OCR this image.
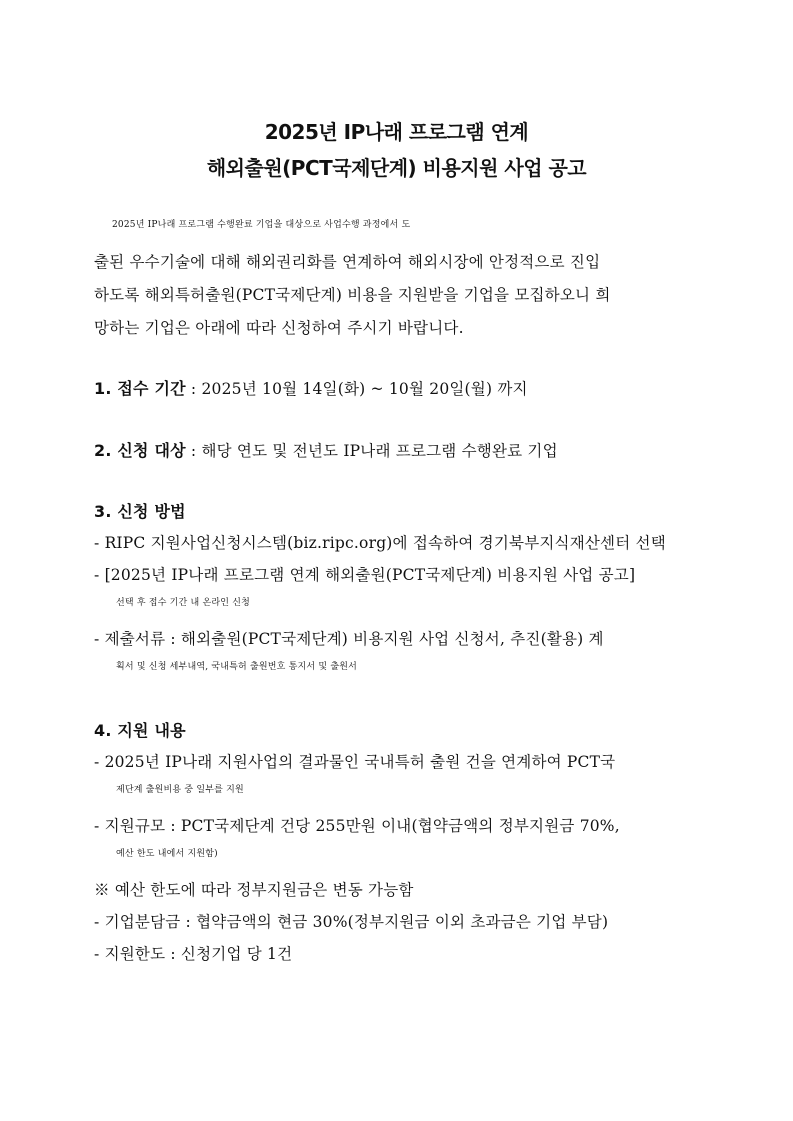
2025년 IP나래 프로그램 연계
해외출원(PCT국제단계) 비용지원 사업 공고
2025년 IP나래 프로그램 수행완료 기업을 대상으로 사업수행 과정에서 도
출된 우수기술에 대해 해외권리화를 연계하여 해외시장에 안정적으로 진입
하도록 해외특허출원(PCT국제단계) 비용을 지원받을 기업을 모집하오니 희
망하는 기업은 아래에 따라 신청하여 주시기 바랍니다.
1. 접수 기간 : 2025년 10월 14일(화) ~ 10월 20일(월) 까지
2. 신청 대상 : 해당 연도 및 전년도 IP나래 프로그램 수행완료 기업
3. 신청 방법
- RIPC 지원사업신청시스템(biz.ripc.org)에 접속하여 경기북부지식재산센터 선택
- [2025년 IP나래 프로그램 연계 해외출원(PCT국제단계) 비용지원 사업 공고]
선택 후 접수 기간 내 온라인 신청
- 제출서류 : 해외출원(PCT국제단계) 비용지원 사업 신청서, 추진(활용) 계
획서 및 신청 세부내역, 국내특허 출원번호 통지서 및 출원서
4. 지원 내용
- 2025년 IP나래 지원사업의 결과물인 국내특허 출원 건을 연계하여 PCT국
제단계 출원비용 중 일부를 지원
- 지원규모 : PCT국제단계 건당 255만원 이내(협약금액의 정부지원금 70%,
예산 한도 내에서 지원함)
※ 예산 한도에 따라 정부지원금은 변동 가능함
- 기업분담금 : 협약금액의 현금 30%(정부지원금 이외 초과금은 기업 부담)
- 지원한도 : 신청기업 당 1건
